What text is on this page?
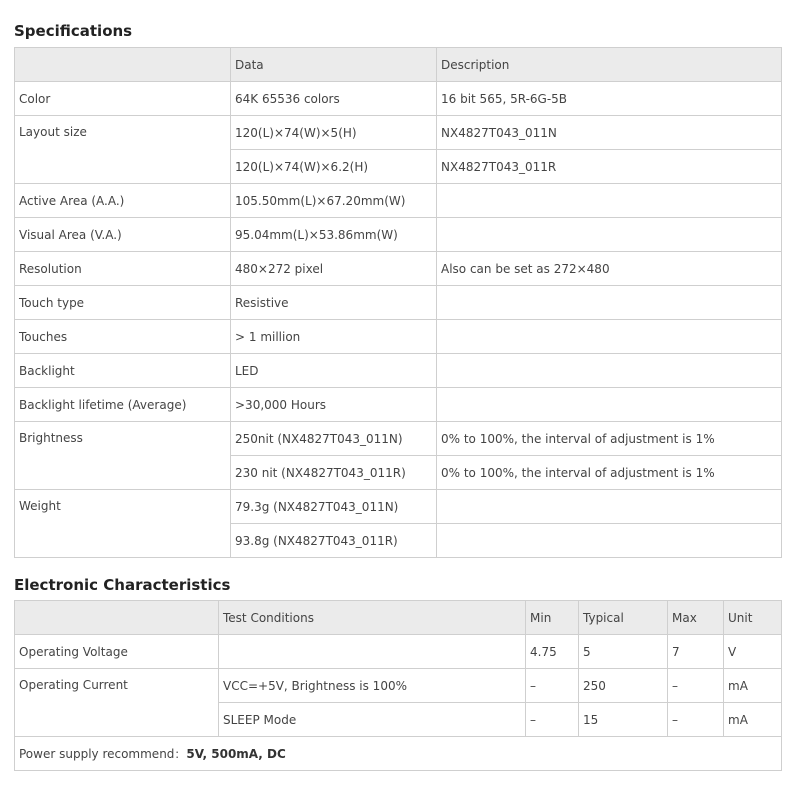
Specifications
	Data	Description
Color	64K 65536 colors	16 bit 565, 5R-6G-5B
Layout size	120(L)×74(W)×5(H)	NX4827T043_011N
	120(L)×74(W)×6.2(H)	NX4827T043_011R
Active Area (A.A.)	105.50mm(L)×67.20mm(W)	
Visual Area (V.A.)	95.04mm(L)×53.86mm(W)	
Resolution	480×272 pixel	Also can be set as 272×480
Touch type	Resistive	
Touches	> 1 million	
Backlight	LED	
Backlight lifetime (Average)	>30,000 Hours	
Brightness	250nit (NX4827T043_011N)	0% to 100%, the interval of adjustment is 1%
	230 nit (NX4827T043_011R)	0% to 100%, the interval of adjustment is 1%
Weight	79.3g (NX4827T043_011N)	
	93.8g (NX4827T043_011R)	
Electronic Characteristics
	Test Conditions	Min	Typical	Max	Unit
Operating Voltage		4.75	5	7	V
Operating Current	VCC=+5V, Brightness is 100%	–	250	–	mA
	SLEEP Mode	–	15	–	mA
Power supply recommend：5V, 500mA, DC					
